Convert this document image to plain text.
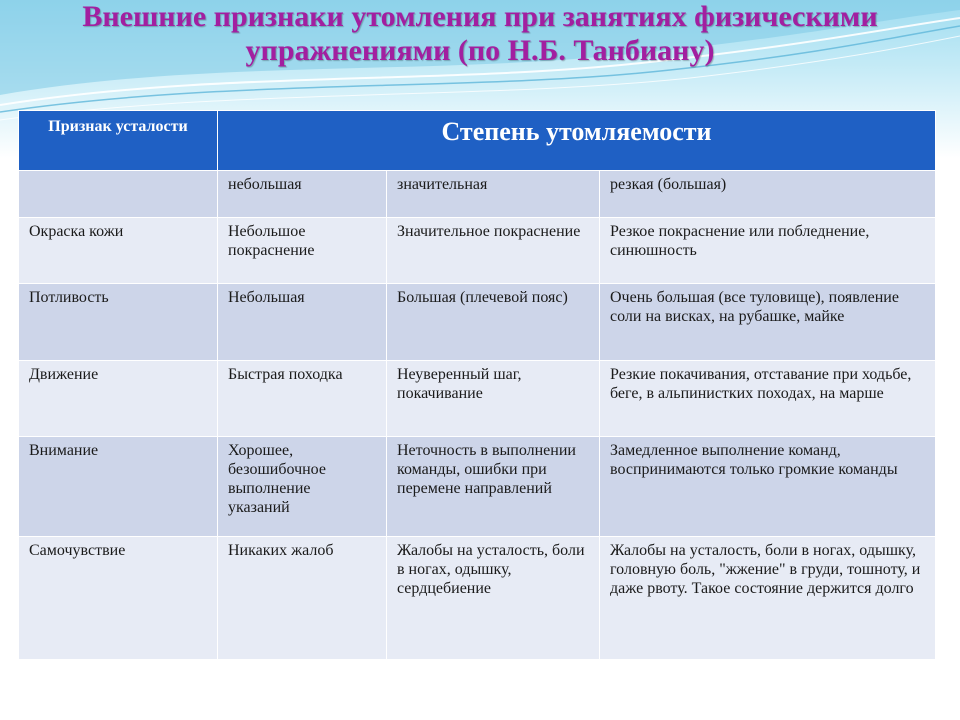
Внешние признаки утомления при занятиях физическими
упражнениями (по Н.Б. Танбиану)
Признак усталости	Степень утомляемости		
	небольшая	значительная	резкая (большая)
Окраска кожи	Небольшое покраснение	Значительное покраснение	Резкое покраснение или побледнение, синюшность
Потливость	Небольшая	Большая (плечевой пояс)	Очень большая (все туловище), появление соли на висках, на рубашке, майке
Движение	Быстрая походка	Неуверенный шаг, покачивание	Резкие покачивания, отставание при ходьбе, беге, в альпинистких походах, на марше
Внимание	Хорошее, безошибочное выполнение указаний	Неточность в выполнении команды, ошибки при перемене направлений	Замедленное выполнение команд, воспринимаются только громкие команды
Самочувствие	Никаких жалоб	Жалобы на усталость, боли в ногах, одышку, сердцебиение	Жалобы на усталость, боли в ногах, одышку, головную боль, "жжение" в груди, тошноту, и даже рвоту. Такое состояние держится долго
